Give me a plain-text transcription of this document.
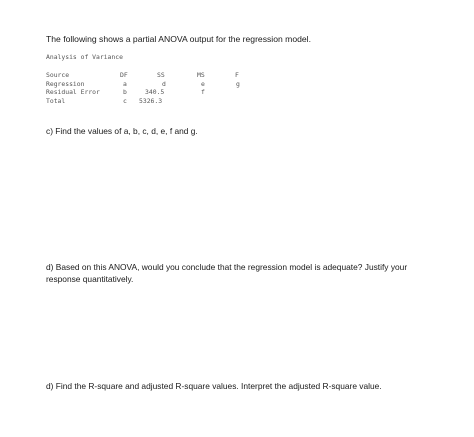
The following shows a partial ANOVA output for the regression model.
Analysis of Variance
Source	DF	SS	MS	F
Regression	a	d	e	g
Residual Error	b	340.5	f
Total	c 5326.3
c) Find the values of a, b, c, d, e, f and g.
d) Based on this ANOVA, would you conclude that the regression model is adequate? Justify your response quantitatively.
d) Find the R-square and adjusted R-square values. Interpret the adjusted R-square value.
